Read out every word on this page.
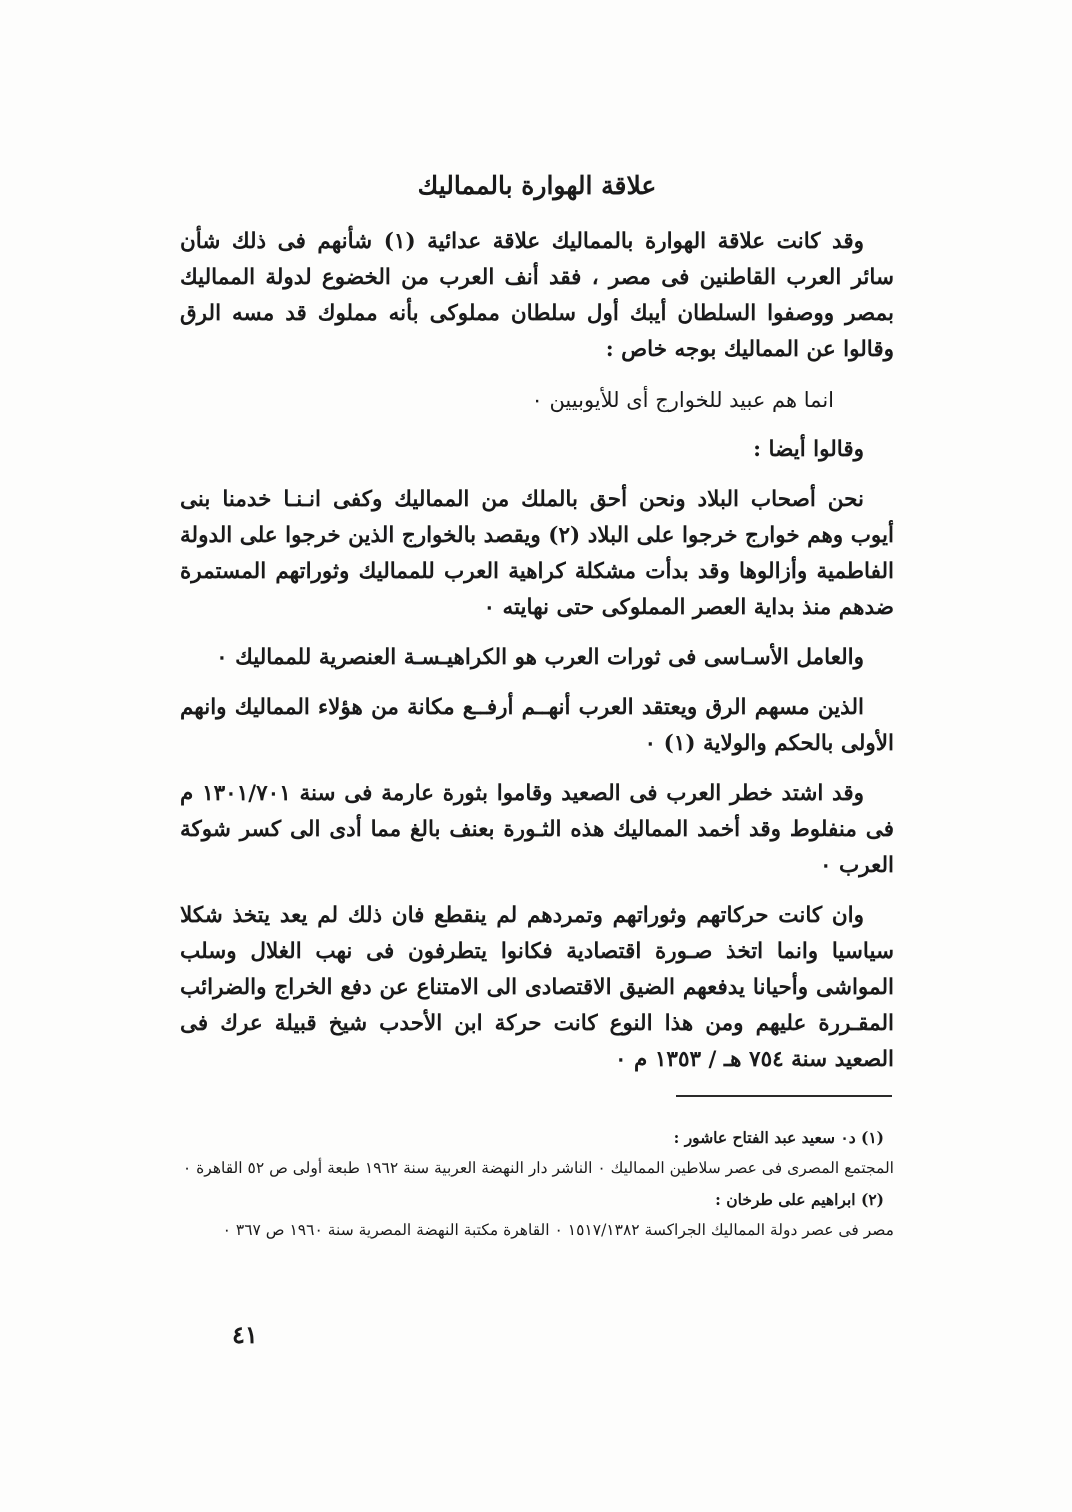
علاقة الهوارة بالمماليك

وقد كانت علاقة الهوارة بالمماليك علاقة عدائية (١) شأنهم فى ذلك شأن سائر العرب القاطنين فى مصر ، فقد أنف العرب من الخضوع لدولة المماليك بمصر ووصفوا السلطان أيبك أول سلطان مملوكى بأنه مملوك قد مسه الرق وقالوا عن المماليك بوجه خاص :

انما هم عبيد للخوارج أى للأيوبيين ٠

وقالوا أيضا :

نحن أصحاب البلاد ونحن أحق بالملك من المماليك وكفى انـنـا خدمنا بنى أيوب وهم خوارج خرجوا على البلاد (٢) ويقصد بالخوارج الذين خرجوا على الدولة الفاطمية وأزالوها وقد بدأت مشكلة كراهية العرب للمماليك وثوراتهم المستمرة ضدهم منذ بداية العصر المملوكى حتى نهايته ٠

والعامل الأسـاسى فى ثورات العرب هو الكراهيـسـة العنصرية للمماليك ٠

الذين مسهم الرق ويعتقد العرب أنهــم أرفــع مكانة من هؤلاء المماليك وانهم الأولى بالحكم والولاية (١) ٠

وقد اشتد خطر العرب فى الصعيد وقاموا بثورة عارمة فى سنة ١٣٠١/٧٠١ م فى منفلوط وقد أخمد المماليك هذه الثـورة بعنف بالغ مما أدى الى كسر شوكة العرب ٠

وان كانت حركاتهم وثوراتهم وتمردهم لم ينقطع فان ذلك لم يعد يتخذ شكلا سياسيا وانما اتخذ صـورة اقتصادية فكانوا يتطرفون فى نهب الغلال وسلب المواشى وأحيانا يدفعهم الضيق الاقتصادى الى الامتناع عن دفع الخراج والضرائب المقـررة عليهم ومن هذا النوع كانت حركة ابن الأحدب شيخ قبيلة عرك فى الصعيد سنة ٧٥٤ هـ / ١٣٥٣ م ٠

(١) د٠ سعيد عبد الفتاح عاشور :
المجتمع المصرى فى عصر سلاطين المماليك ٠ الناشر دار النهضة العربية سنة ١٩٦٢ طبعة أولى ص ٥٢ القاهرة ٠
(٢) ابراهيم على طرخان :
مصر فى عصر دولة المماليك الجراكسة ١٥١٧/١٣٨٢ ٠ القاهرة مكتبة النهضة المصرية سنة ١٩٦٠ ص ٣٦٧ ٠
٤١
